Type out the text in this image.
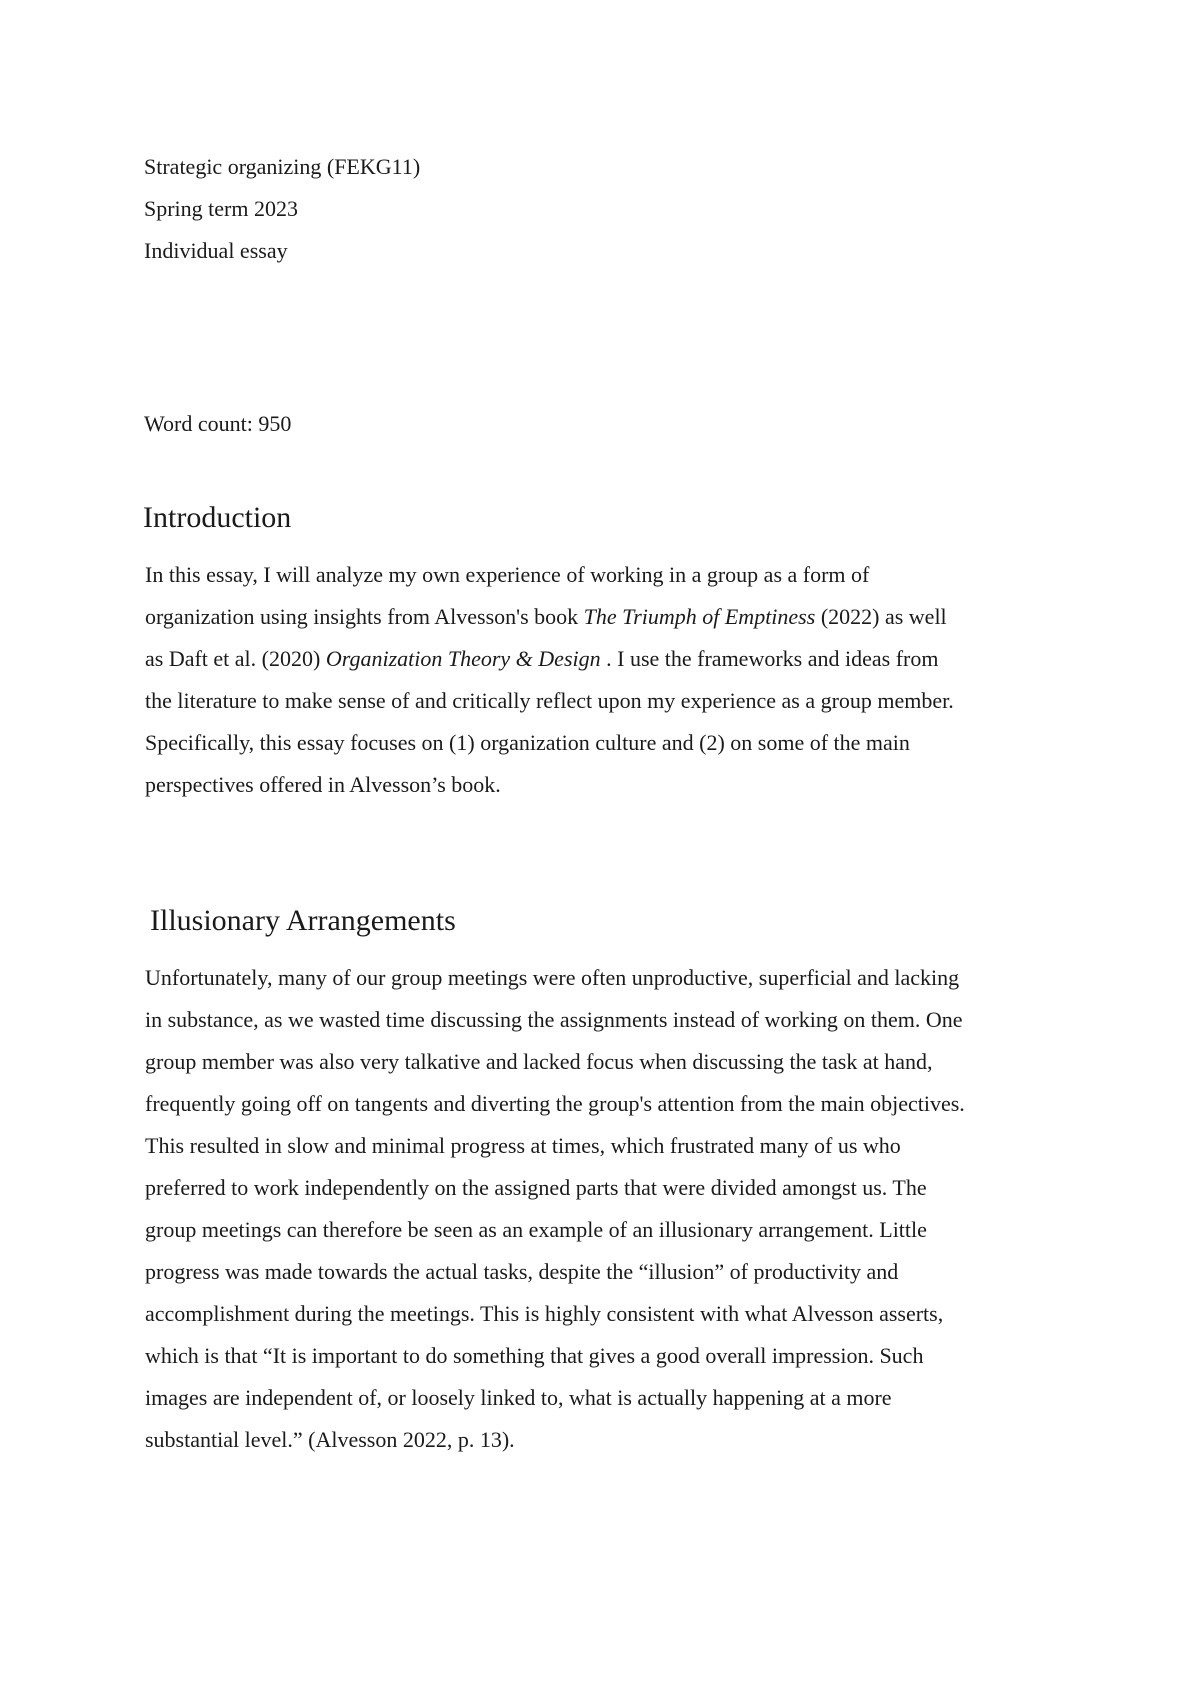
Strategic organizing (FEKG11)
Spring term 2023
Individual essay
Word count: 950
Introduction
In this essay, I will analyze my own experience of working in a group as a form of
organization using insights from Alvesson's book The Triumph of Emptiness (2022) as well
as Daft et al. (2020) Organization Theory & Design . I use the frameworks and ideas from
the literature to make sense of and critically reflect upon my experience as a group member.
Specifically, this essay focuses on (1) organization culture and (2) on some of the main
perspectives offered in Alvesson’s book.
Illusionary Arrangements
Unfortunately, many of our group meetings were often unproductive, superficial and lacking
in substance, as we wasted time discussing the assignments instead of working on them. One
group member was also very talkative and lacked focus when discussing the task at hand,
frequently going off on tangents and diverting the group's attention from the main objectives.
This resulted in slow and minimal progress at times, which frustrated many of us who
preferred to work independently on the assigned parts that were divided amongst us. The
group meetings can therefore be seen as an example of an illusionary arrangement. Little
progress was made towards the actual tasks, despite the “illusion” of productivity and
accomplishment during the meetings. This is highly consistent with what Alvesson asserts,
which is that “It is important to do something that gives a good overall impression. Such
images are independent of, or loosely linked to, what is actually happening at a more
substantial level.” (Alvesson 2022, p. 13).
